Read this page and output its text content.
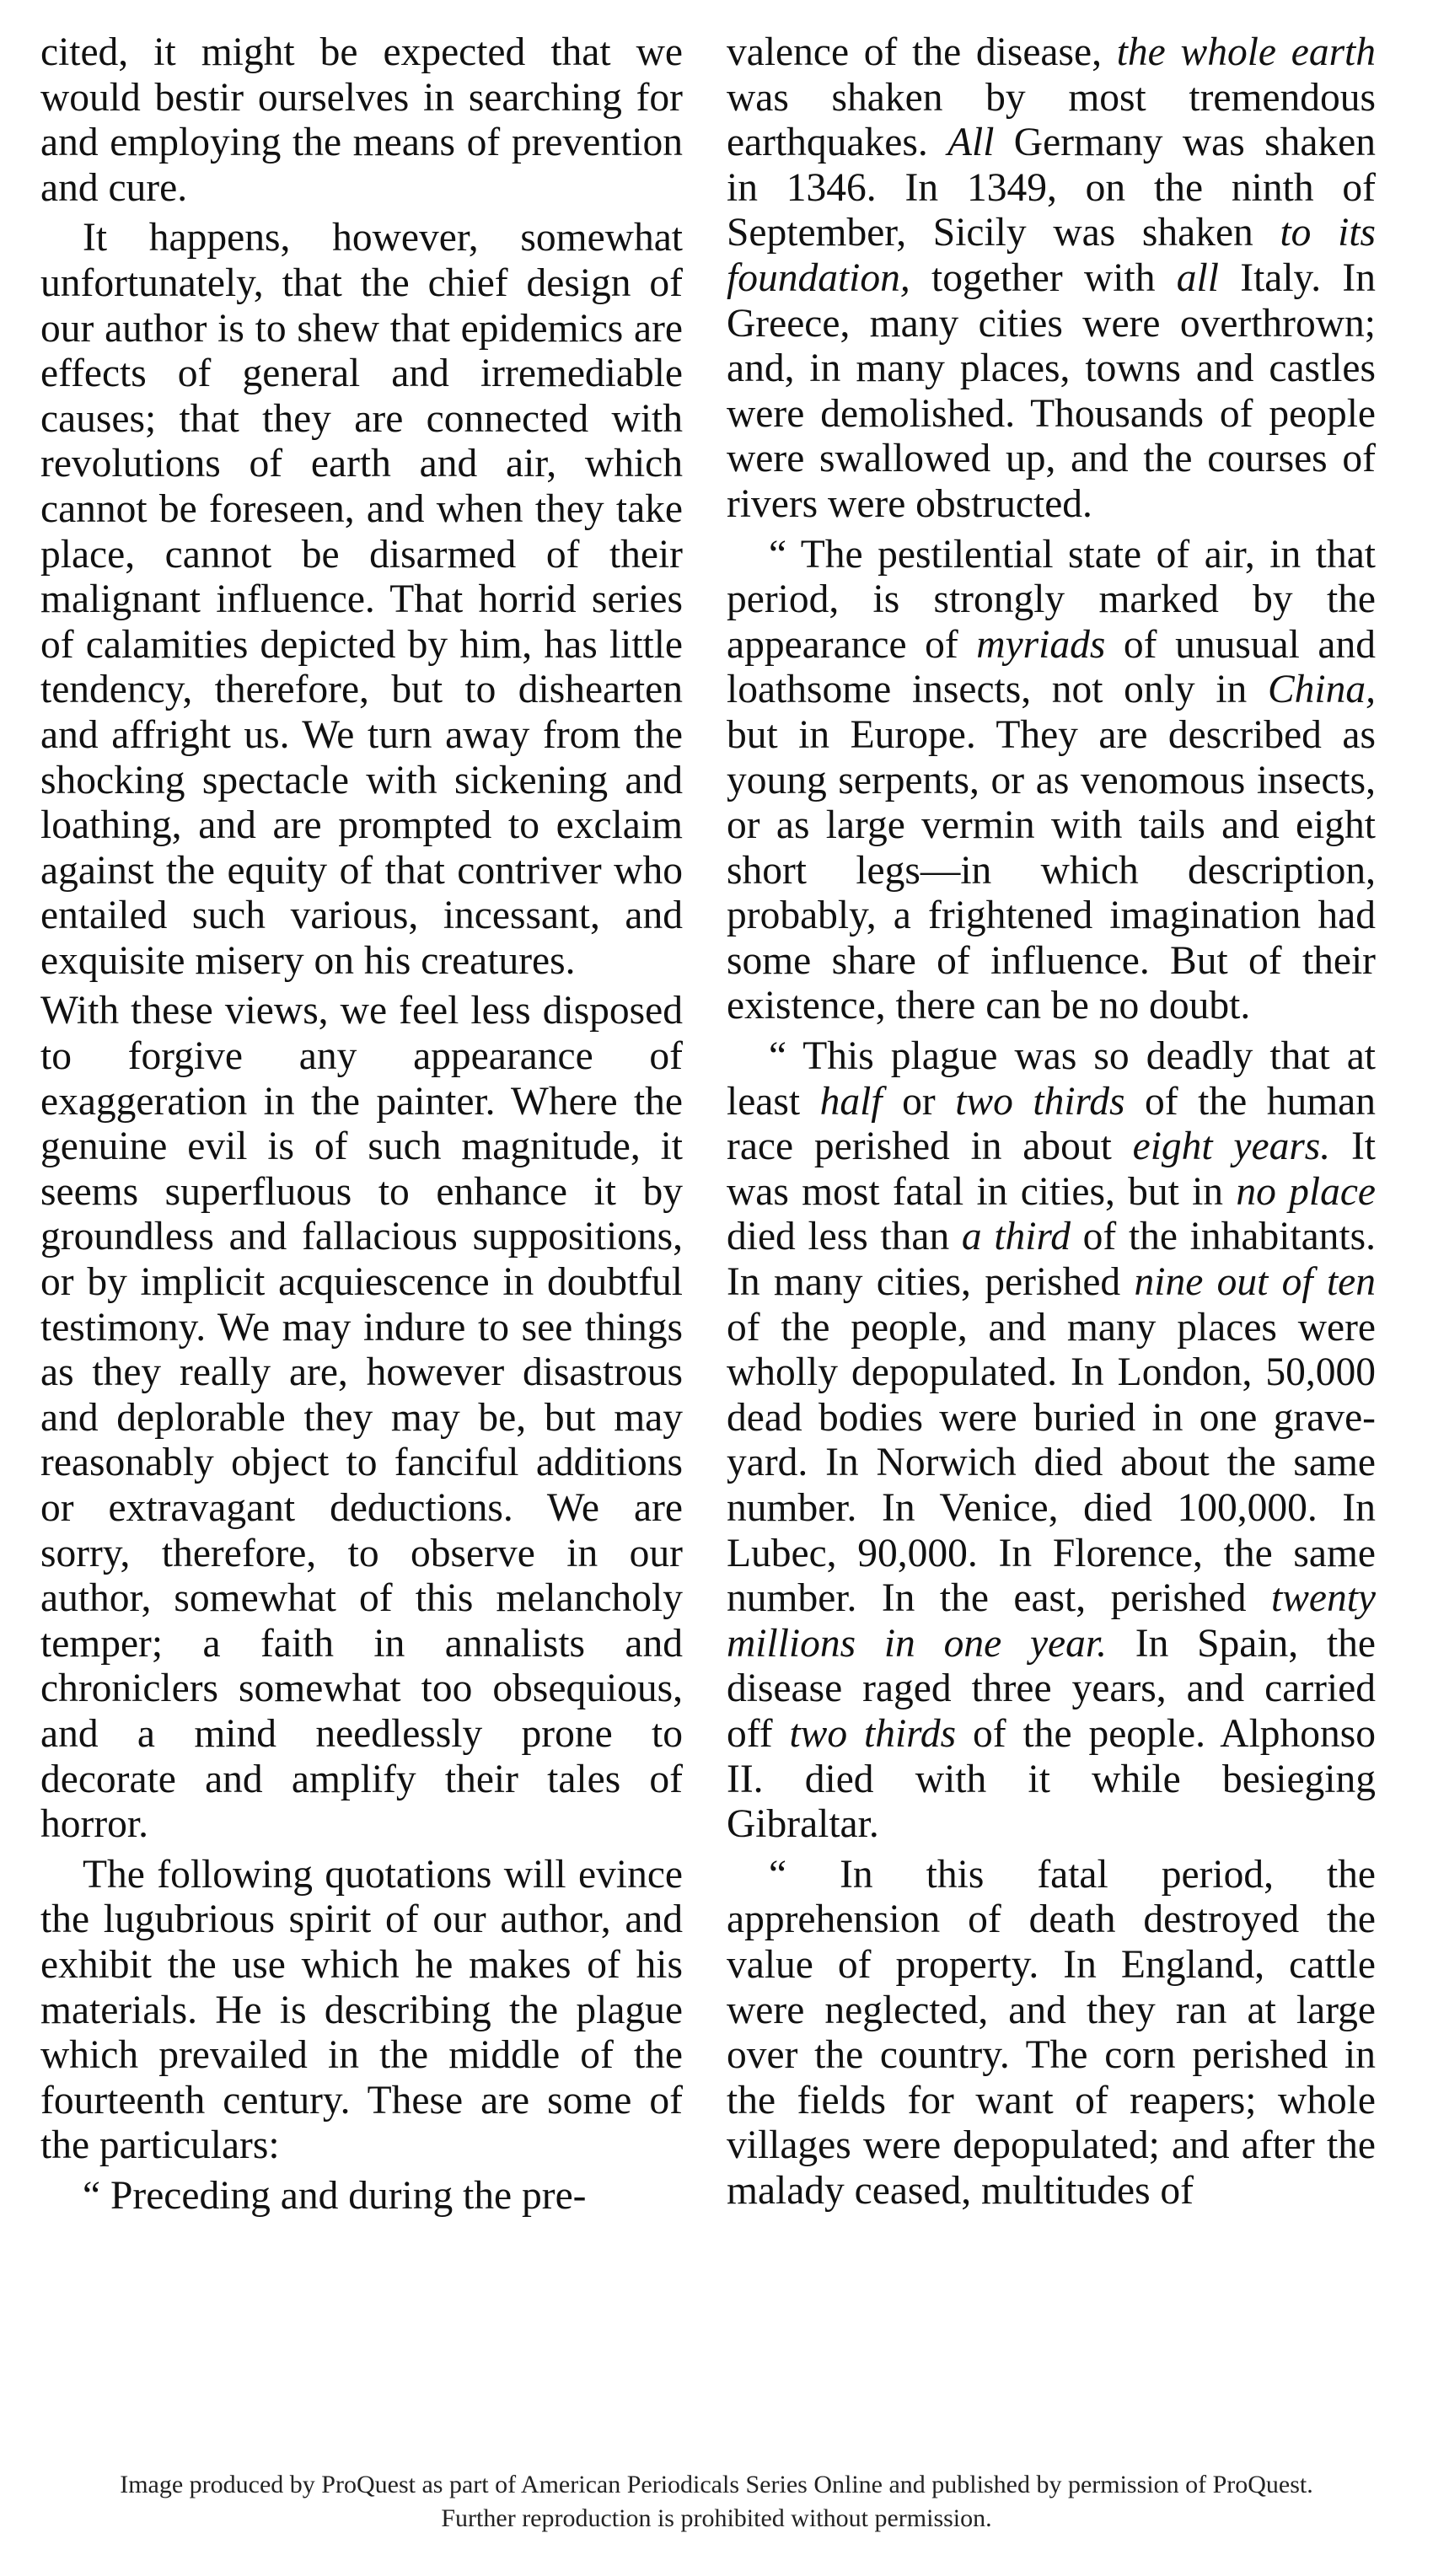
cited, it might be expected that we would bestir ourselves in searching for and employing the means of prevention and cure.

It happens, however, somewhat unfortunately, that the chief design of our author is to shew that epidemics are effects of general and irremediable causes; that they are connected with revolutions of earth and air, which cannot be foreseen, and when they take place, cannot be disarmed of their malignant influence. That horrid series of calamities depicted by him, has little tendency, therefore, but to dishearten and affright us. We turn away from the shocking spectacle with sickening and loathing, and are prompted to exclaim against the equity of that contriver who entailed such various, incessant, and exquisite misery on his creatures.

With these views, we feel less disposed to forgive any appearance of exaggeration in the painter. Where the genuine evil is of such magnitude, it seems superfluous to enhance it by groundless and fallacious suppositions, or by implicit acquiescence in doubtful testimony. We may indure to see things as they really are, however disastrous and deplorable they may be, but may reasonably object to fanciful additions or extravagant deductions. We are sorry, therefore, to observe in our author, somewhat of this melancholy temper; a faith in annalists and chroniclers somewhat too obsequious, and a mind needlessly prone to decorate and amplify their tales of horror.

The following quotations will evince the lugubrious spirit of our author, and exhibit the use which he makes of his materials. He is describing the plague which prevailed in the middle of the fourteenth century. These are some of the particulars:

“ Preceding and during the pre-

valence of the disease, the whole earth was shaken by most tremendous earthquakes. All Germany was shaken in 1346. In 1349, on the ninth of September, Sicily was shaken to its foundation, together with all Italy. In Greece, many cities were overthrown; and, in many places, towns and castles were demolished. Thousands of people were swallowed up, and the courses of rivers were obstructed.

“ The pestilential state of air, in that period, is strongly marked by the appearance of myriads of unusual and loathsome insects, not only in China, but in Europe. They are described as young serpents, or as venomous insects, or as large vermin with tails and eight short legs—in which description, probably, a frightened imagination had some share of influence. But of their existence, there can be no doubt.

“ This plague was so deadly that at least half or two thirds of the human race perished in about eight years. It was most fatal in cities, but in no place died less than a third of the inhabitants. In many cities, perished nine out of ten of the people, and many places were wholly depopulated. In London, 50,000 dead bodies were buried in one grave-yard. In Norwich died about the same number. In Venice, died 100,000. In Lubec, 90,000. In Florence, the same number. In the east, perished twenty millions in one year. In Spain, the disease raged three years, and carried off two thirds of the people. Alphonso II. died with it while besieging Gibraltar.

“ In this fatal period, the apprehension of death destroyed the value of property. In England, cattle were neglected, and they ran at large over the country. The corn perished in the fields for want of reapers; whole villages were depopulated; and after the malady ceased, multitudes of

Image produced by ProQuest as part of American Periodicals Series Online and published by permission of ProQuest.
Further reproduction is prohibited without permission.
